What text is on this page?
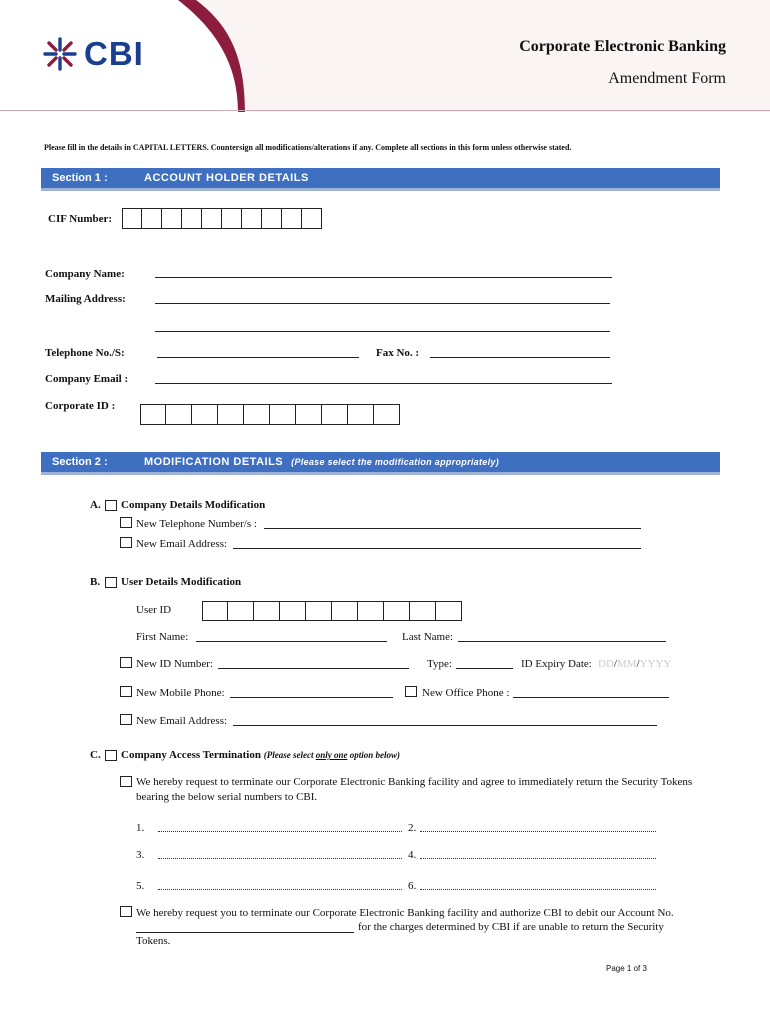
CBI	Corporate Electronic Banking
Amendment Form
Please fill in the details in CAPITAL LETTERS. Countersign all modifications/alterations if any. Complete all sections in this form unless otherwise stated.
Section 1 :	ACCOUNT HOLDER DETAILS
CIF Number:
Company Name:
Mailing Address:
Telephone No./S:	Fax No. :
Company Email :
Corporate ID :
Section 2 :	MODIFICATION DETAILS (Please select the modification appropriately)
A. Company Details Modification
New Telephone Number/s :
New Email Address:
B. User Details Modification
User ID
First Name:	Last Name:
New ID Number:	Type:	ID Expiry Date: DD/MM/YYYY
New Mobile Phone:	New Office Phone :
New Email Address:
C. Company Access Termination (Please select only one option below)
We hereby request to terminate our Corporate Electronic Banking facility and agree to immediately return the Security Tokens
bearing the below serial numbers to CBI.
1.	2.
3.	4.
5.	6.
We hereby request you to terminate our Corporate Electronic Banking facility and authorize CBI to debit our Account No.
for the charges determined by CBI if are unable to return the Security
Tokens.
Page 1 of 3
